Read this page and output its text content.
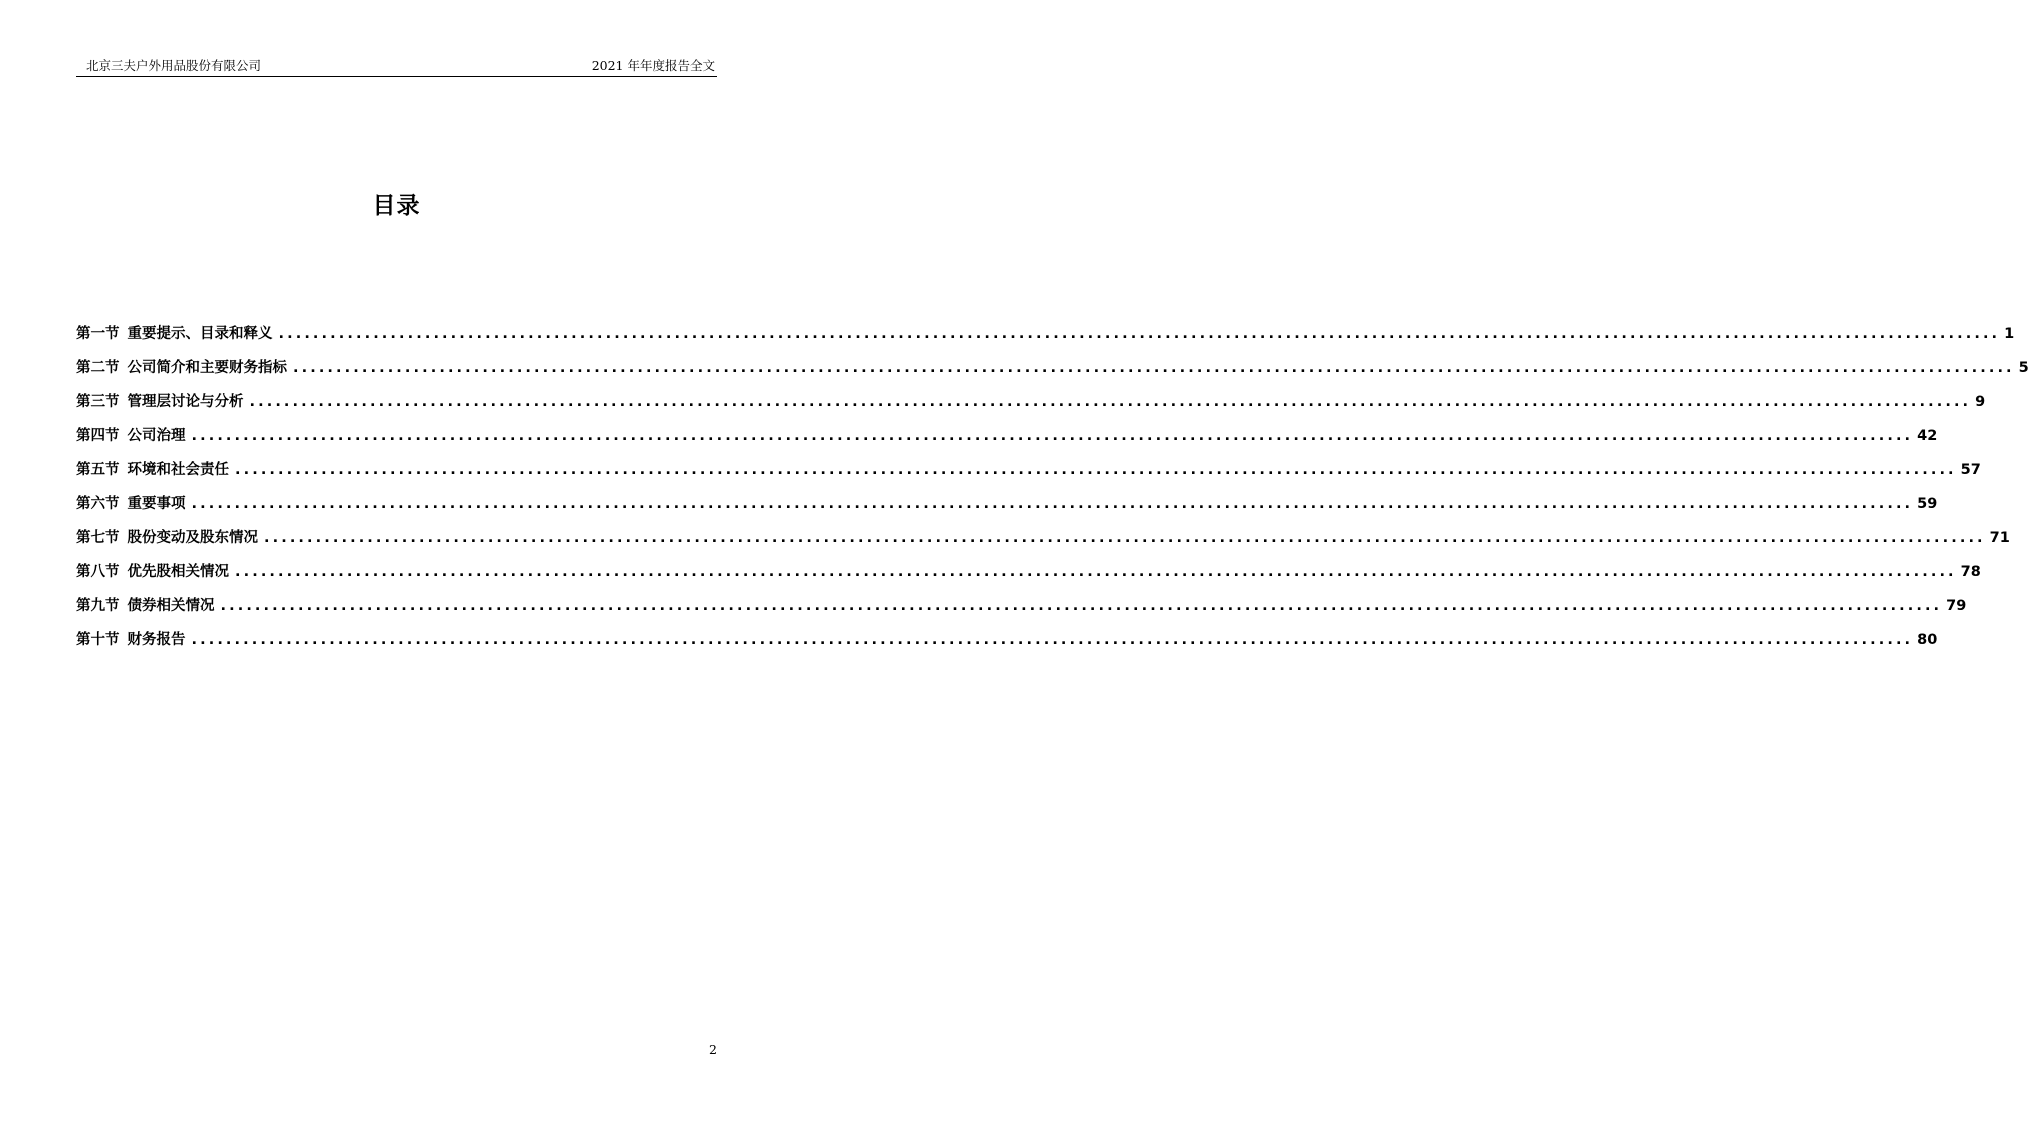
北京三夫户外用品股份有限公司	2021 年年度报告全文
目录
第一节 重要提示、目录和释义 ........................................................................................................................................................................................................ 1
第二节 公司简介和主要财务指标 ........................................................................................................................................................................................................ 5
第三节 管理层讨论与分析 ........................................................................................................................................................................................................ 9
第四节 公司治理 ........................................................................................................................................................................................................ 42
第五节 环境和社会责任 ........................................................................................................................................................................................................ 57
第六节 重要事项 ........................................................................................................................................................................................................ 59
第七节 股份变动及股东情况 ........................................................................................................................................................................................................ 71
第八节 优先股相关情况 ........................................................................................................................................................................................................ 78
第九节 债券相关情况 ........................................................................................................................................................................................................ 79
第十节 财务报告 ........................................................................................................................................................................................................ 80
2
